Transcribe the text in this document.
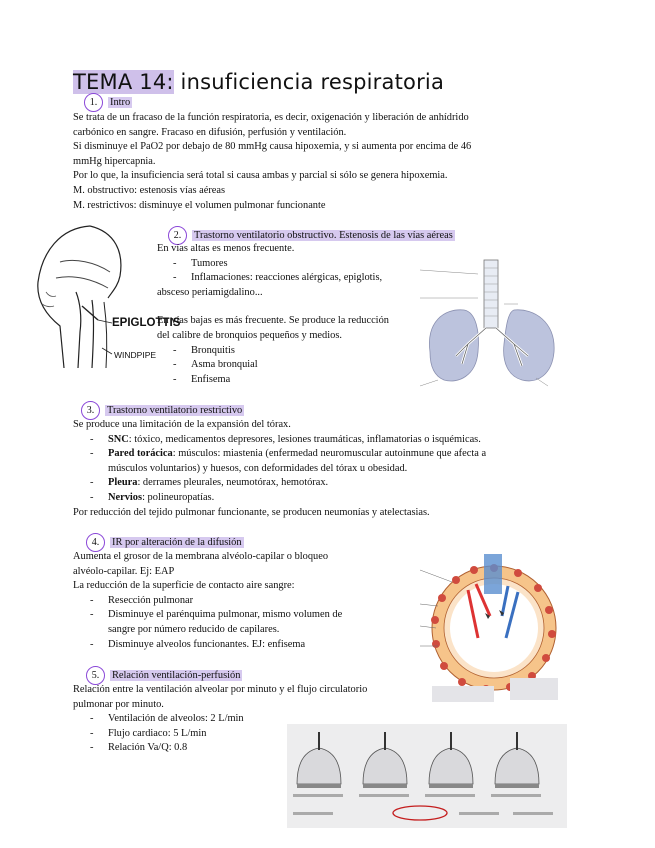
TEMA 14: insuficiencia respiratoria
1. Intro
Se trata de un fracaso de la función respiratoria, es decir, oxigenación y liberación de anhídrido
carbónico en sangre. Fracaso en difusión, perfusión y ventilación.
Si disminuye el PaO2 por debajo de 80 mmHg causa hipoxemia, y si aumenta por encima de 46
mmHg hipercapnia.
Por lo que, la insuficiencia será total si causa ambas y parcial si sólo se genera hipoxemia.
M. obstructivo: estenosis vías aéreas
M. restrictivos: disminuye el volumen pulmonar funcionante
2. Trastorno ventilatorio obstructivo. Estenosis de las vías aéreas
EPIGLOTTIS
WINDPIPE
En vías altas es menos frecuente.
- Tumores
- Inflamaciones: reacciones alérgicas, epiglotis,
absceso periamigdalino...
En vías bajas es más frecuente. Se produce la reducción
del calibre de bronquios pequeños y medios.
- Bronquitis
- Asma bronquial
- Enfisema
3. Trastorno ventilatorio restrictivo
Se produce una limitación de la expansión del tórax.
- SNC: tóxico, medicamentos depresores, lesiones traumáticas, inflamatorias o isquémicas.
- Pared torácica: músculos: miastenia (enfermedad neuromuscular autoinmune que afecta a
músculos voluntarios) y huesos, con deformidades del tórax u obesidad.
- Pleura: derrames pleurales, neumotórax, hemotórax.
- Nervios: polineuropatías.
Por reducción del tejido pulmonar funcionante, se producen neumonías y atelectasias.
4. IR por alteración de la difusión
Aumenta el grosor de la membrana alvéolo-capilar o bloqueo
alvéolo-capilar. Ej: EAP
La reducción de la superficie de contacto aire sangre:
- Resección pulmonar
- Disminuye el parénquima pulmonar, mismo volumen de
sangre por número reducido de capilares.
- Disminuye alveolos funcionantes. EJ: enfisema
5. Relación ventilación-perfusión
Relación entre la ventilación alveolar por minuto y el flujo circulatorio
pulmonar por minuto.
- Ventilación de alveolos: 2 L/min
- Flujo cardiaco: 5 L/min
- Relación Va/Q: 0.8
